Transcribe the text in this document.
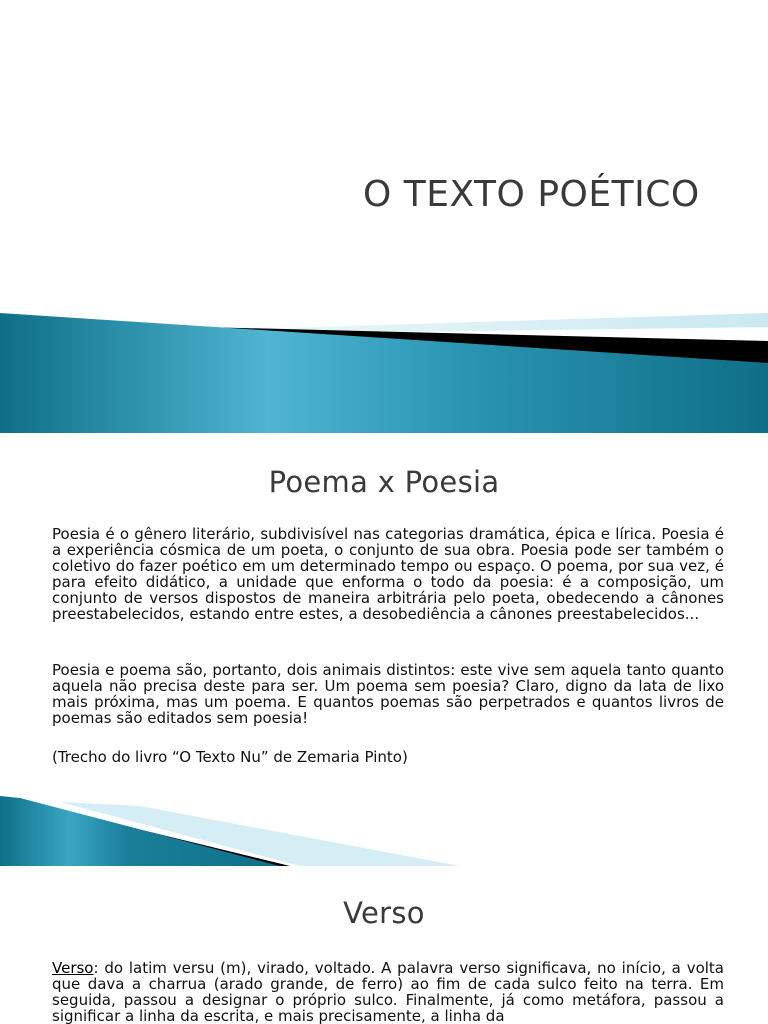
O TEXTO POÉTICO
Poema x Poesia

Poesia é o gênero literário, subdivisível nas categorias dramática, épica e lírica. Poesia é a experiência cósmica de um poeta, o conjunto de sua obra. Poesia pode ser também o coletivo do fazer poético em um determinado tempo ou espaço. O poema, por sua vez, é para efeito didático, a unidade que enforma o todo da poesia: é a composição, um conjunto de versos dispostos de maneira arbitrária pelo poeta, obedecendo a cânones preestabelecidos, estando entre estes, a desobediência a cânones preestabelecidos...

Poesia e poema são, portanto, dois animais distintos: este vive sem aquela tanto quanto aquela não precisa deste para ser. Um poema sem poesia? Claro, digno da lata de lixo mais próxima, mas um poema. E quantos poemas são perpetrados e quantos livros de poemas são editados sem poesia!

(Trecho do livro “O Texto Nu” de Zemaria Pinto)

Verso

Verso: do latim versu (m), virado, voltado. A palavra verso significava, no início, a volta que dava a charrua (arado grande, de ferro) ao fim de cada sulco feito na terra. Em seguida, passou a designar o próprio sulco. Finalmente, já como metáfora, passou a significar a linha da escrita, e mais precisamente, a linha da
